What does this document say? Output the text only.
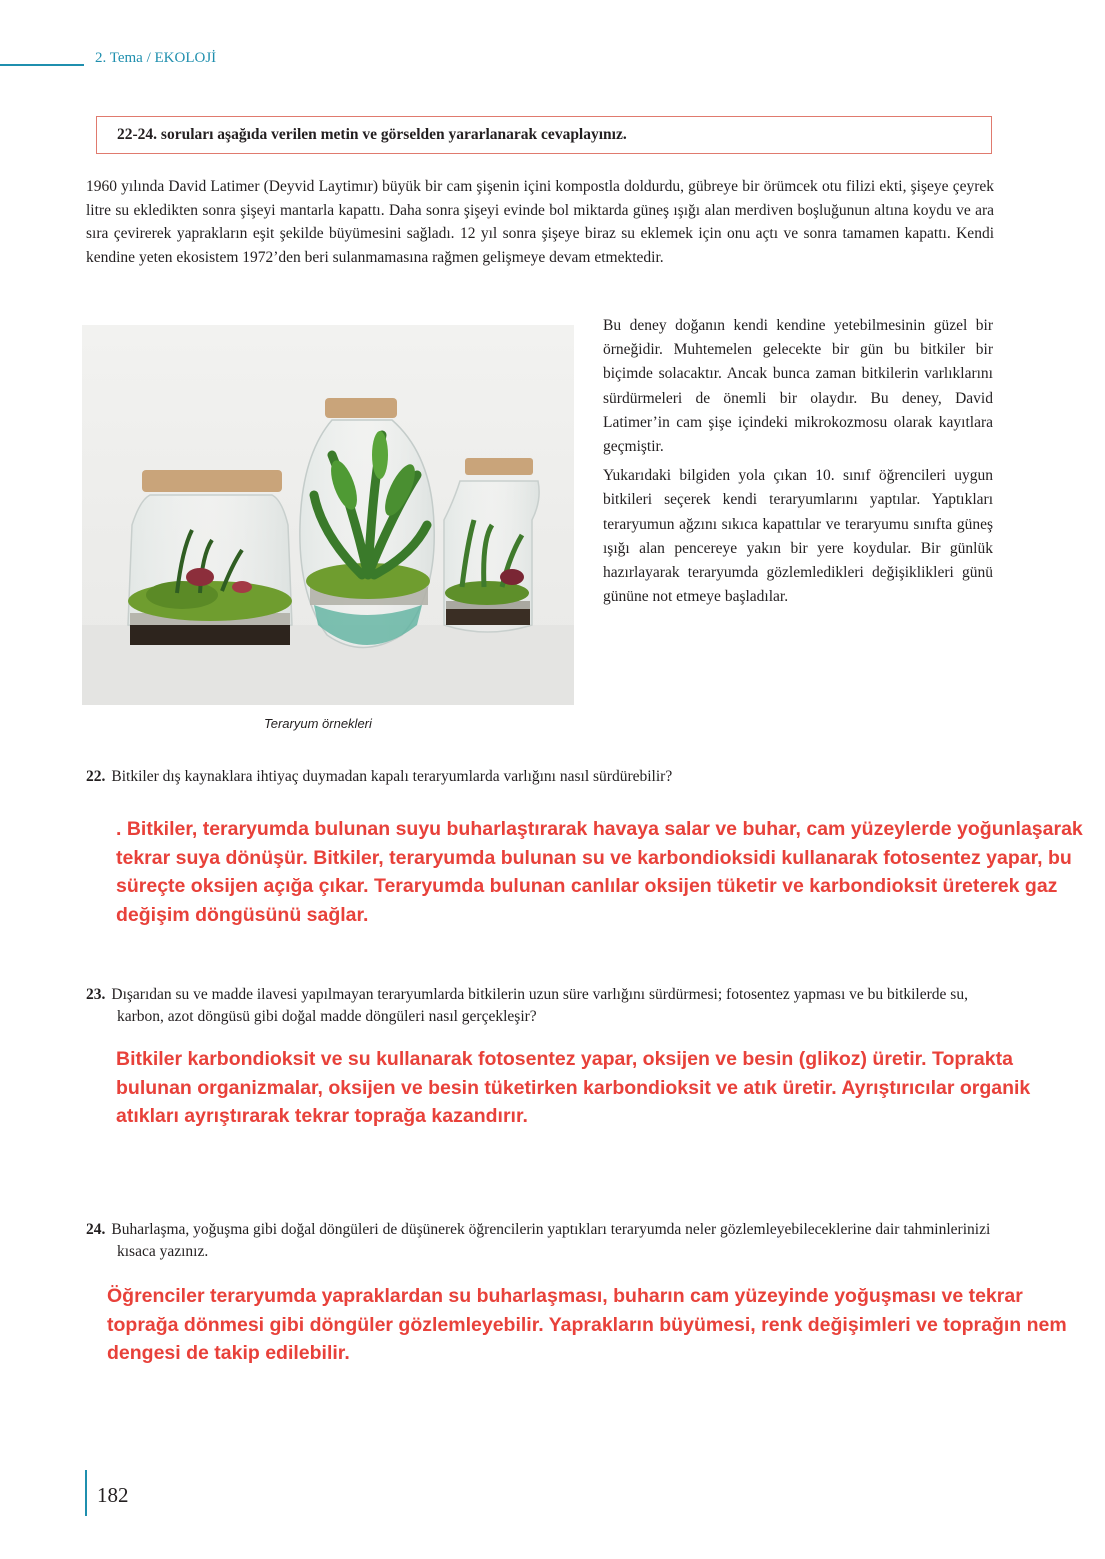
2. Tema / EKOLOJİ
22-24. soruları aşağıda verilen metin ve görselden yararlanarak cevaplayınız.

1960 yılında David Latimer (Deyvid Laytimır) büyük bir cam şişenin içini kompostla doldurdu, gübreye bir örümcek otu filizi ekti, şişeye çeyrek litre su ekledikten sonra şişeyi mantarla kapattı. Daha sonra şişeyi evinde bol miktarda güneş ışığı alan merdiven boşluğunun altına koydu ve ara sıra çevirerek yaprakların eşit şekilde büyümesini sağladı. 12 yıl sonra şişeye biraz su eklemek için onu açtı ve sonra tamamen kapattı. Kendi kendine yeten ekosistem 1972’den beri sulanmamasına rağmen gelişmeye devam etmektedir.

Teraryum örnekleri

Bu deney doğanın kendi kendine yetebilmesinin güzel bir örneğidir. Muhtemelen gelecekte bir gün bu bitkiler bir biçimde solacaktır. Ancak bunca zaman bitkilerin varlıklarını sürdürmeleri de önemli bir olaydır. Bu deney, David Latimer’in cam şişe içindeki mikrokozmosu olarak kayıtlara geçmiştir.

Yukarıdaki bilgiden yola çıkan 10. sınıf öğrencileri uygun bitkileri seçerek kendi teraryumlarını yaptılar. Yaptıkları teraryumun ağzını sıkıca kapattılar ve teraryumu sınıfta güneş ışığı alan pencereye yakın bir yere koydular. Bir günlük hazırlayarak teraryumda gözlemledikleri değişiklikleri günü gününe not etmeye başladılar.

22. Bitkiler dış kaynaklara ihtiyaç duymadan kapalı teraryumlarda varlığını nasıl sürdürebilir?

. Bitkiler, teraryumda bulunan suyu buharlaştırarak havaya salar ve buhar, cam yüzeylerde yoğunlaşarak tekrar suya dönüşür. Bitkiler, teraryumda bulunan su ve karbondioksidi kullanarak fotosentez yapar, bu süreçte oksijen açığa çıkar. Teraryumda bulunan canlılar oksijen tüketir ve karbondioksit üreterek gaz değişim döngüsünü sağlar.

23. Dışarıdan su ve madde ilavesi yapılmayan teraryumlarda bitkilerin uzun süre varlığını sürdürmesi; fotosentez yapması ve bu bitkilerde su, karbon, azot döngüsü gibi doğal madde döngüleri nasıl gerçekleşir?

Bitkiler karbondioksit ve su kullanarak fotosentez yapar, oksijen ve besin (glikoz) üretir. Toprakta bulunan organizmalar, oksijen ve besin tüketirken karbondioksit ve atık üretir. Ayrıştırıcılar organik atıkları ayrıştırarak tekrar toprağa kazandırır.

24. Buharlaşma, yoğuşma gibi doğal döngüleri de düşünerek öğrencilerin yaptıkları teraryumda neler gözlemleyebileceklerine dair tahminlerinizi kısaca yazınız.

Öğrenciler teraryumda yapraklardan su buharlaşması, buharın cam yüzeyinde yoğuşması ve tekrar toprağa dönmesi gibi döngüler gözlemleyebilir. Yaprakların büyümesi, renk değişimleri ve toprağın nem dengesi de takip edilebilir.

182
